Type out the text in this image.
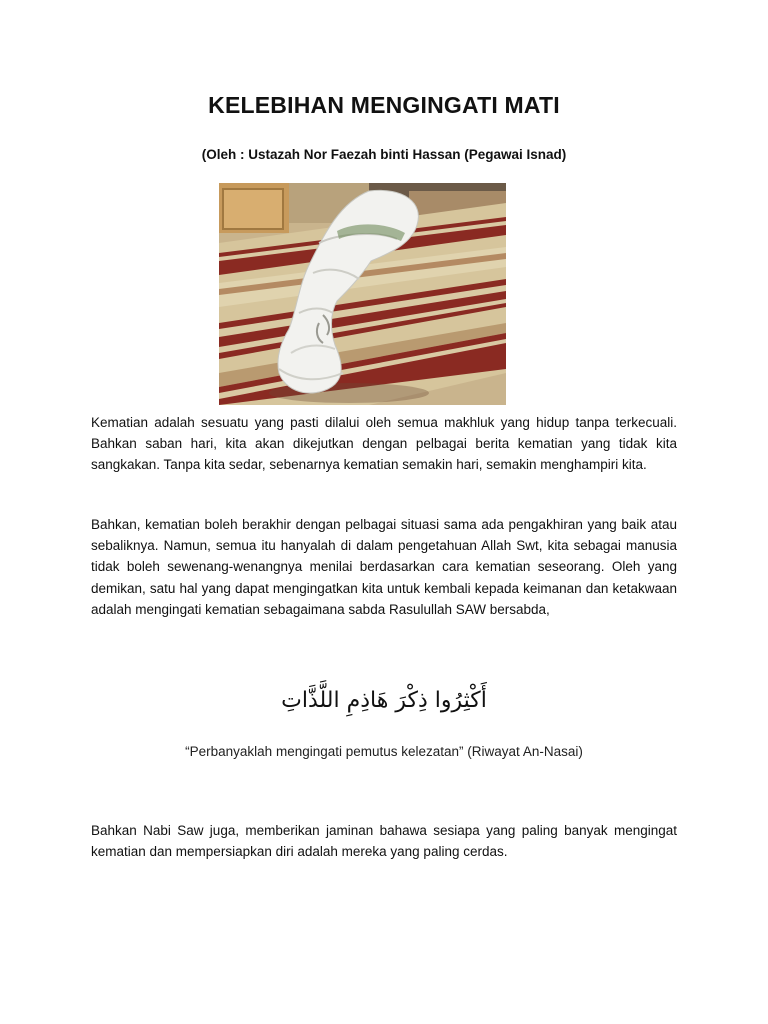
KELEBIHAN MENGINGATI MATI

(Oleh : Ustazah Nor Faezah binti Hassan (Pegawai Isnad)

Kematian adalah sesuatu yang pasti dilalui oleh semua makhluk yang hidup tanpa terkecuali. Bahkan saban hari, kita akan dikejutkan dengan pelbagai berita kematian yang tidak kita sangkakan. Tanpa kita sedar, sebenarnya kematian semakin hari, semakin menghampiri kita.

Bahkan, kematian boleh berakhir dengan pelbagai situasi sama ada pengakhiran yang baik atau sebaliknya. Namun, semua itu hanyalah di dalam pengetahuan Allah Swt, kita sebagai manusia tidak boleh sewenang-wenangnya menilai berdasarkan cara kematian seseorang. Oleh yang demikan, satu hal yang dapat mengingatkan kita untuk kembali kepada keimanan dan ketakwaan adalah mengingati kematian sebagaimana sabda Rasulullah SAW bersabda,

أَكْثِرُوا ذِكْرَ هَاذِمِ اللَّذَّاتِ

“Perbanyaklah mengingati pemutus kelezatan” (Riwayat An-Nasai)

Bahkan Nabi Saw juga, memberikan jaminan bahawa sesiapa yang paling banyak mengingat kematian dan mempersiapkan diri adalah mereka yang paling cerdas.
